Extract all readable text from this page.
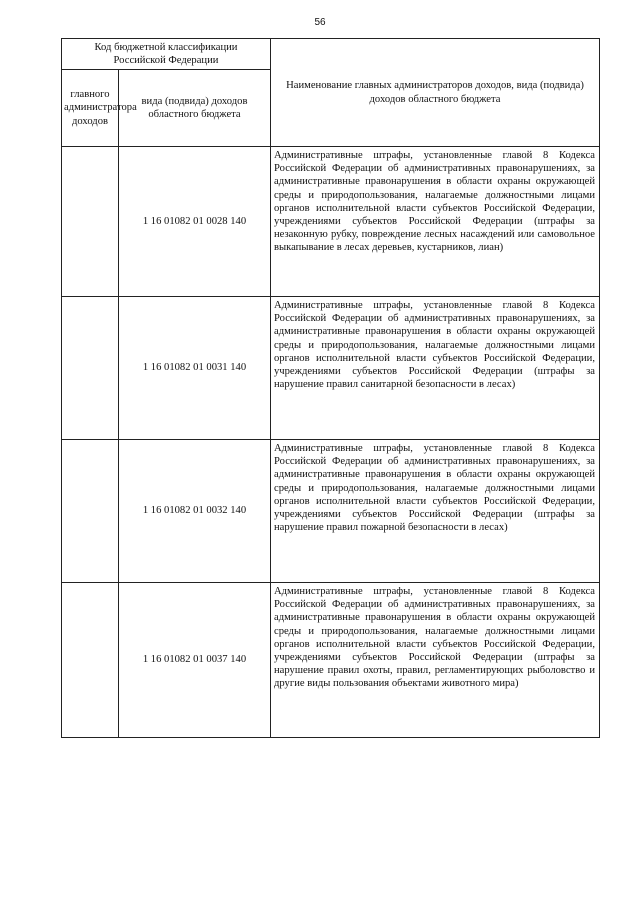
56
Код бюджетной классификации Российской Федерации		Наименование главных администраторов доходов, вида (подвида) доходов областного бюджета
главного администратора доходов	вида (подвида) доходов областного бюджета	
	1 16 01082 01 0028 140	Административные штрафы, установленные главой 8 Кодекса Российской Федерации об административных правонарушениях, за административные правонарушения в области охраны окружающей среды и природопользования, налагаемые должностными лицами органов исполнительной власти субъектов Российской Федерации, учреждениями субъектов Российской Федерации (штрафы за незаконную рубку, повреждение лесных насаждений или самовольное выкапывание в лесах деревьев, кустарников, лиан)

	1 16 01082 01 0031 140	Административные штрафы, установленные главой 8 Кодекса Российской Федерации об административных правонарушениях, за административные правонарушения в области охраны окружающей среды и природопользования, налагаемые должностными лицами органов исполнительной власти субъектов Российской Федерации, учреждениями субъектов Российской Федерации (штрафы за нарушение правил санитарной безопасности в лесах)

	1 16 01082 01 0032 140	Административные штрафы, установленные главой 8 Кодекса Российской Федерации об административных правонарушениях, за административные правонарушения в области охраны окружающей среды и природопользования, налагаемые должностными лицами органов исполнительной власти субъектов Российской Федерации, учреждениями субъектов Российской Федерации (штрафы за нарушение правил пожарной безопасности в лесах)

	1 16 01082 01 0037 140	Административные штрафы, установленные главой 8 Кодекса Российской Федерации об административных правонарушениях, за административные правонарушения в области охраны окружающей среды и природопользования, налагаемые должностными лицами органов исполнительной власти субъектов Российской Федерации, учреждениями субъектов Российской Федерации (штрафы за нарушение правил охоты, правил, регламентирующих рыболовство и другие виды пользования объектами животного мира)
